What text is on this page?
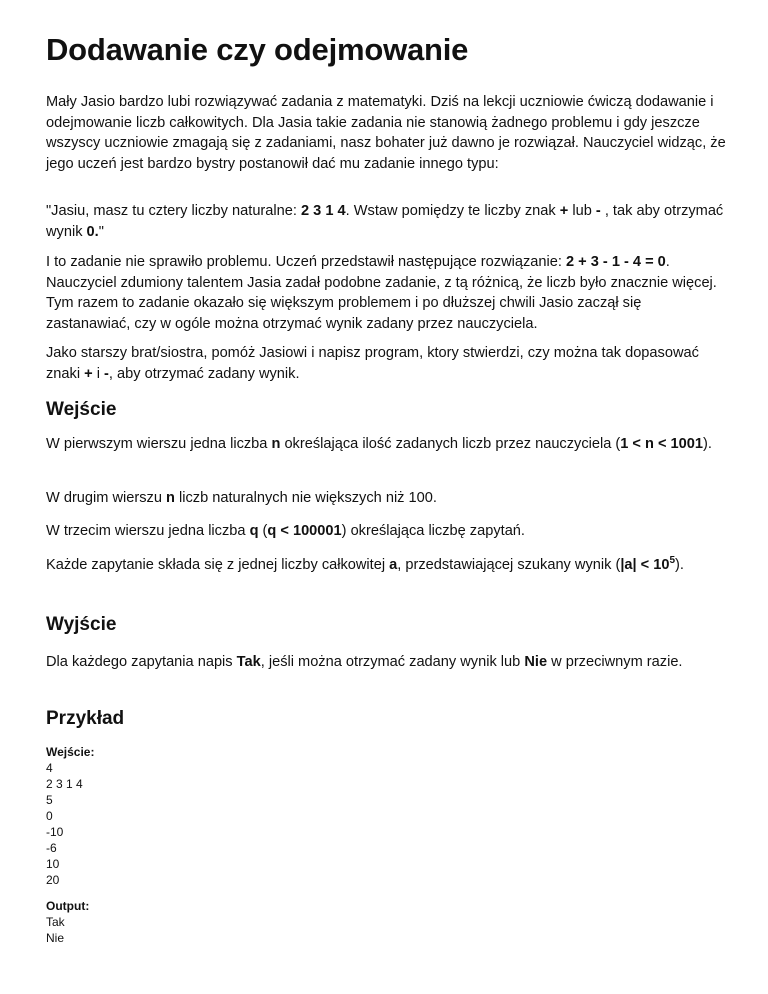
Dodawanie czy odejmowanie

Mały Jasio bardzo lubi rozwiązywać zadania z matematyki. Dziś na lekcji uczniowie ćwiczą dodawanie i odejmowanie liczb całkowitych. Dla Jasia takie zadania nie stanowią żadnego problemu i gdy jeszcze wszyscy uczniowie zmagają się z zadaniami, nasz bohater już dawno je rozwiązał. Nauczyciel widząc, że jego uczeń jest bardzo bystry postanowił dać mu zadanie innego typu:

"Jasiu, masz tu cztery liczby naturalne: 2 3 1 4. Wstaw pomiędzy te liczby znak + lub - , tak aby otrzymać wynik 0."

I to zadanie nie sprawiło problemu. Uczeń przedstawił następujące rozwiązanie: 2 + 3 - 1 - 4 = 0. Nauczyciel zdumiony talentem Jasia zadał podobne zadanie, z tą różnicą, że liczb było znacznie więcej. Tym razem to zadanie okazało się większym problemem i po dłuższej chwili Jasio zaczął się zastanawiać, czy w ogóle można otrzymać wynik zadany przez nauczyciela.

Jako starszy brat/siostra, pomóż Jasiowi i napisz program, ktory stwierdzi, czy można tak dopasować znaki + i -, aby otrzymać zadany wynik.

Wejście

W pierwszym wierszu jedna liczba n określająca ilość zadanych liczb przez nauczyciela (1 < n < 1001).

W drugim wierszu n liczb naturalnych nie większych niż 100.

W trzecim wierszu jedna liczba q (q < 100001) określająca liczbę zapytań.

Każde zapytanie składa się z jednej liczby całkowitej a, przedstawiającej szukany wynik $(|a| < 10^5)$.

Wyjście

Dla każdego zapytania napis Tak, jeśli można otrzymać zadany wynik lub Nie w przeciwnym razie.

Przykład
Wejście:
4
2 3 1 4
5
0
-10
-6
10
20
Output:
Tak
Nie
